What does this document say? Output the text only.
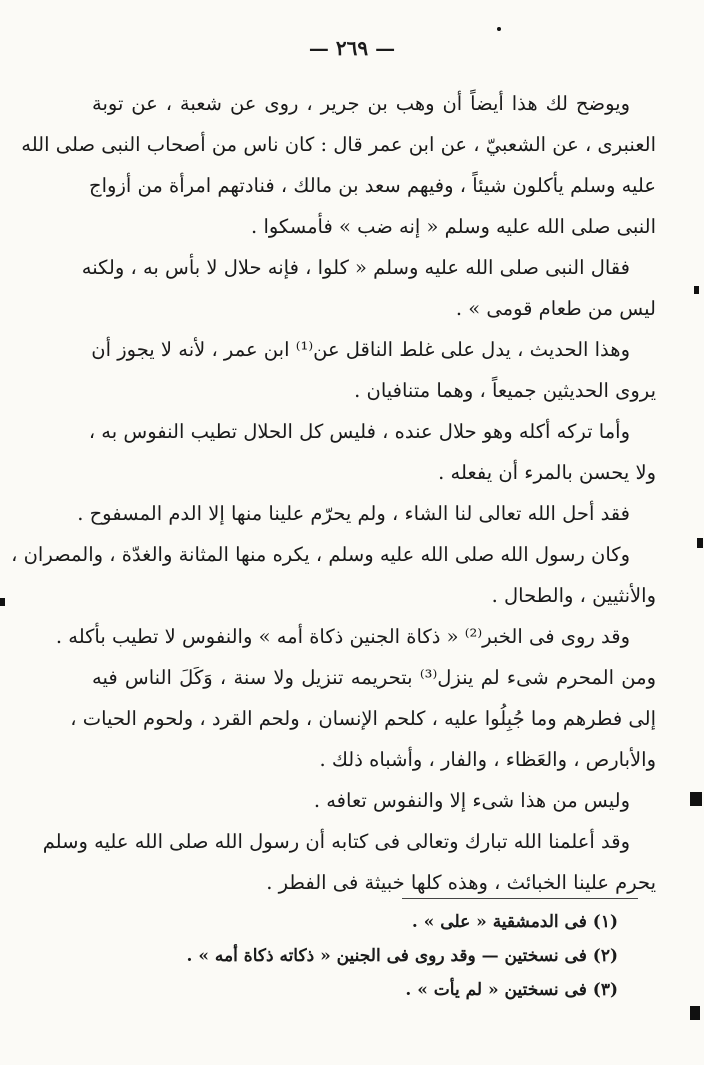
— ٢٦٩ —
ويوضح لك هذا أيضاً أن وهب بن جرير ، روى عن شعبة ، عن توبة
العنبرى ، عن الشعبيّ ، عن ابن عمر قال : كان ناس من أصحاب النبى صلى الله
عليه وسلم يأكلون شيئاً ، وفيهم سعد بن مالك ، فنادتهم امرأة من أزواج
النبى صلى الله عليه وسلم « إنه ضب » فأمسكوا .
فقال النبى صلى الله عليه وسلم « كلوا ، فإنه حلال لا بأس به ، ولكنه
ليس من طعام قومى » .
وهذا الحديث ، يدل على غلط الناقل عن⁽¹⁾ ابن عمر ، لأنه لا يجوز أن
يروى الحديثين جميعاً ، وهما متنافيان .
وأما تركه أكله وهو حلال عنده ، فليس كل الحلال تطيب النفوس به ،
ولا يحسن بالمرء أن يفعله .
فقد أحل الله تعالى لنا الشاء ، ولم يحرّم علينا منها إلا الدم المسفوح .
وكان رسول الله صلى الله عليه وسلم ، يكره منها المثانة والغدّة ، والمصران ،
والأنثيين ، والطحال .
وقد روى فى الخبر⁽²⁾ « ذكاة الجنين ذكاة أمه » والنفوس لا تطيب بأكله .
ومن المحرم شىء لم ينزل⁽³⁾ بتحريمه تنزيل ولا سنة ، وَكَلَ الناس فيه
إلى فطرهم وما جُبِلُوا عليه ، كلحم الإنسان ، ولحم القرد ، ولحوم الحيات ،
والأبارص ، والعَظاء ، والفار ، وأشباه ذلك .
وليس من هذا شىء إلا والنفوس تعافه .
وقد أعلمنا الله تبارك وتعالى فى كتابه أن رسول الله صلى الله عليه وسلم
يحرم علينا الخبائث ، وهذه كلها خبيثة فى الفطر .
(١) فى الدمشقية « على » .
(٢) فى نسختين — وقد روى فى الجنين « ذكاته ذكاة أمه » .
(٣) فى نسختين « لم يأت » .
